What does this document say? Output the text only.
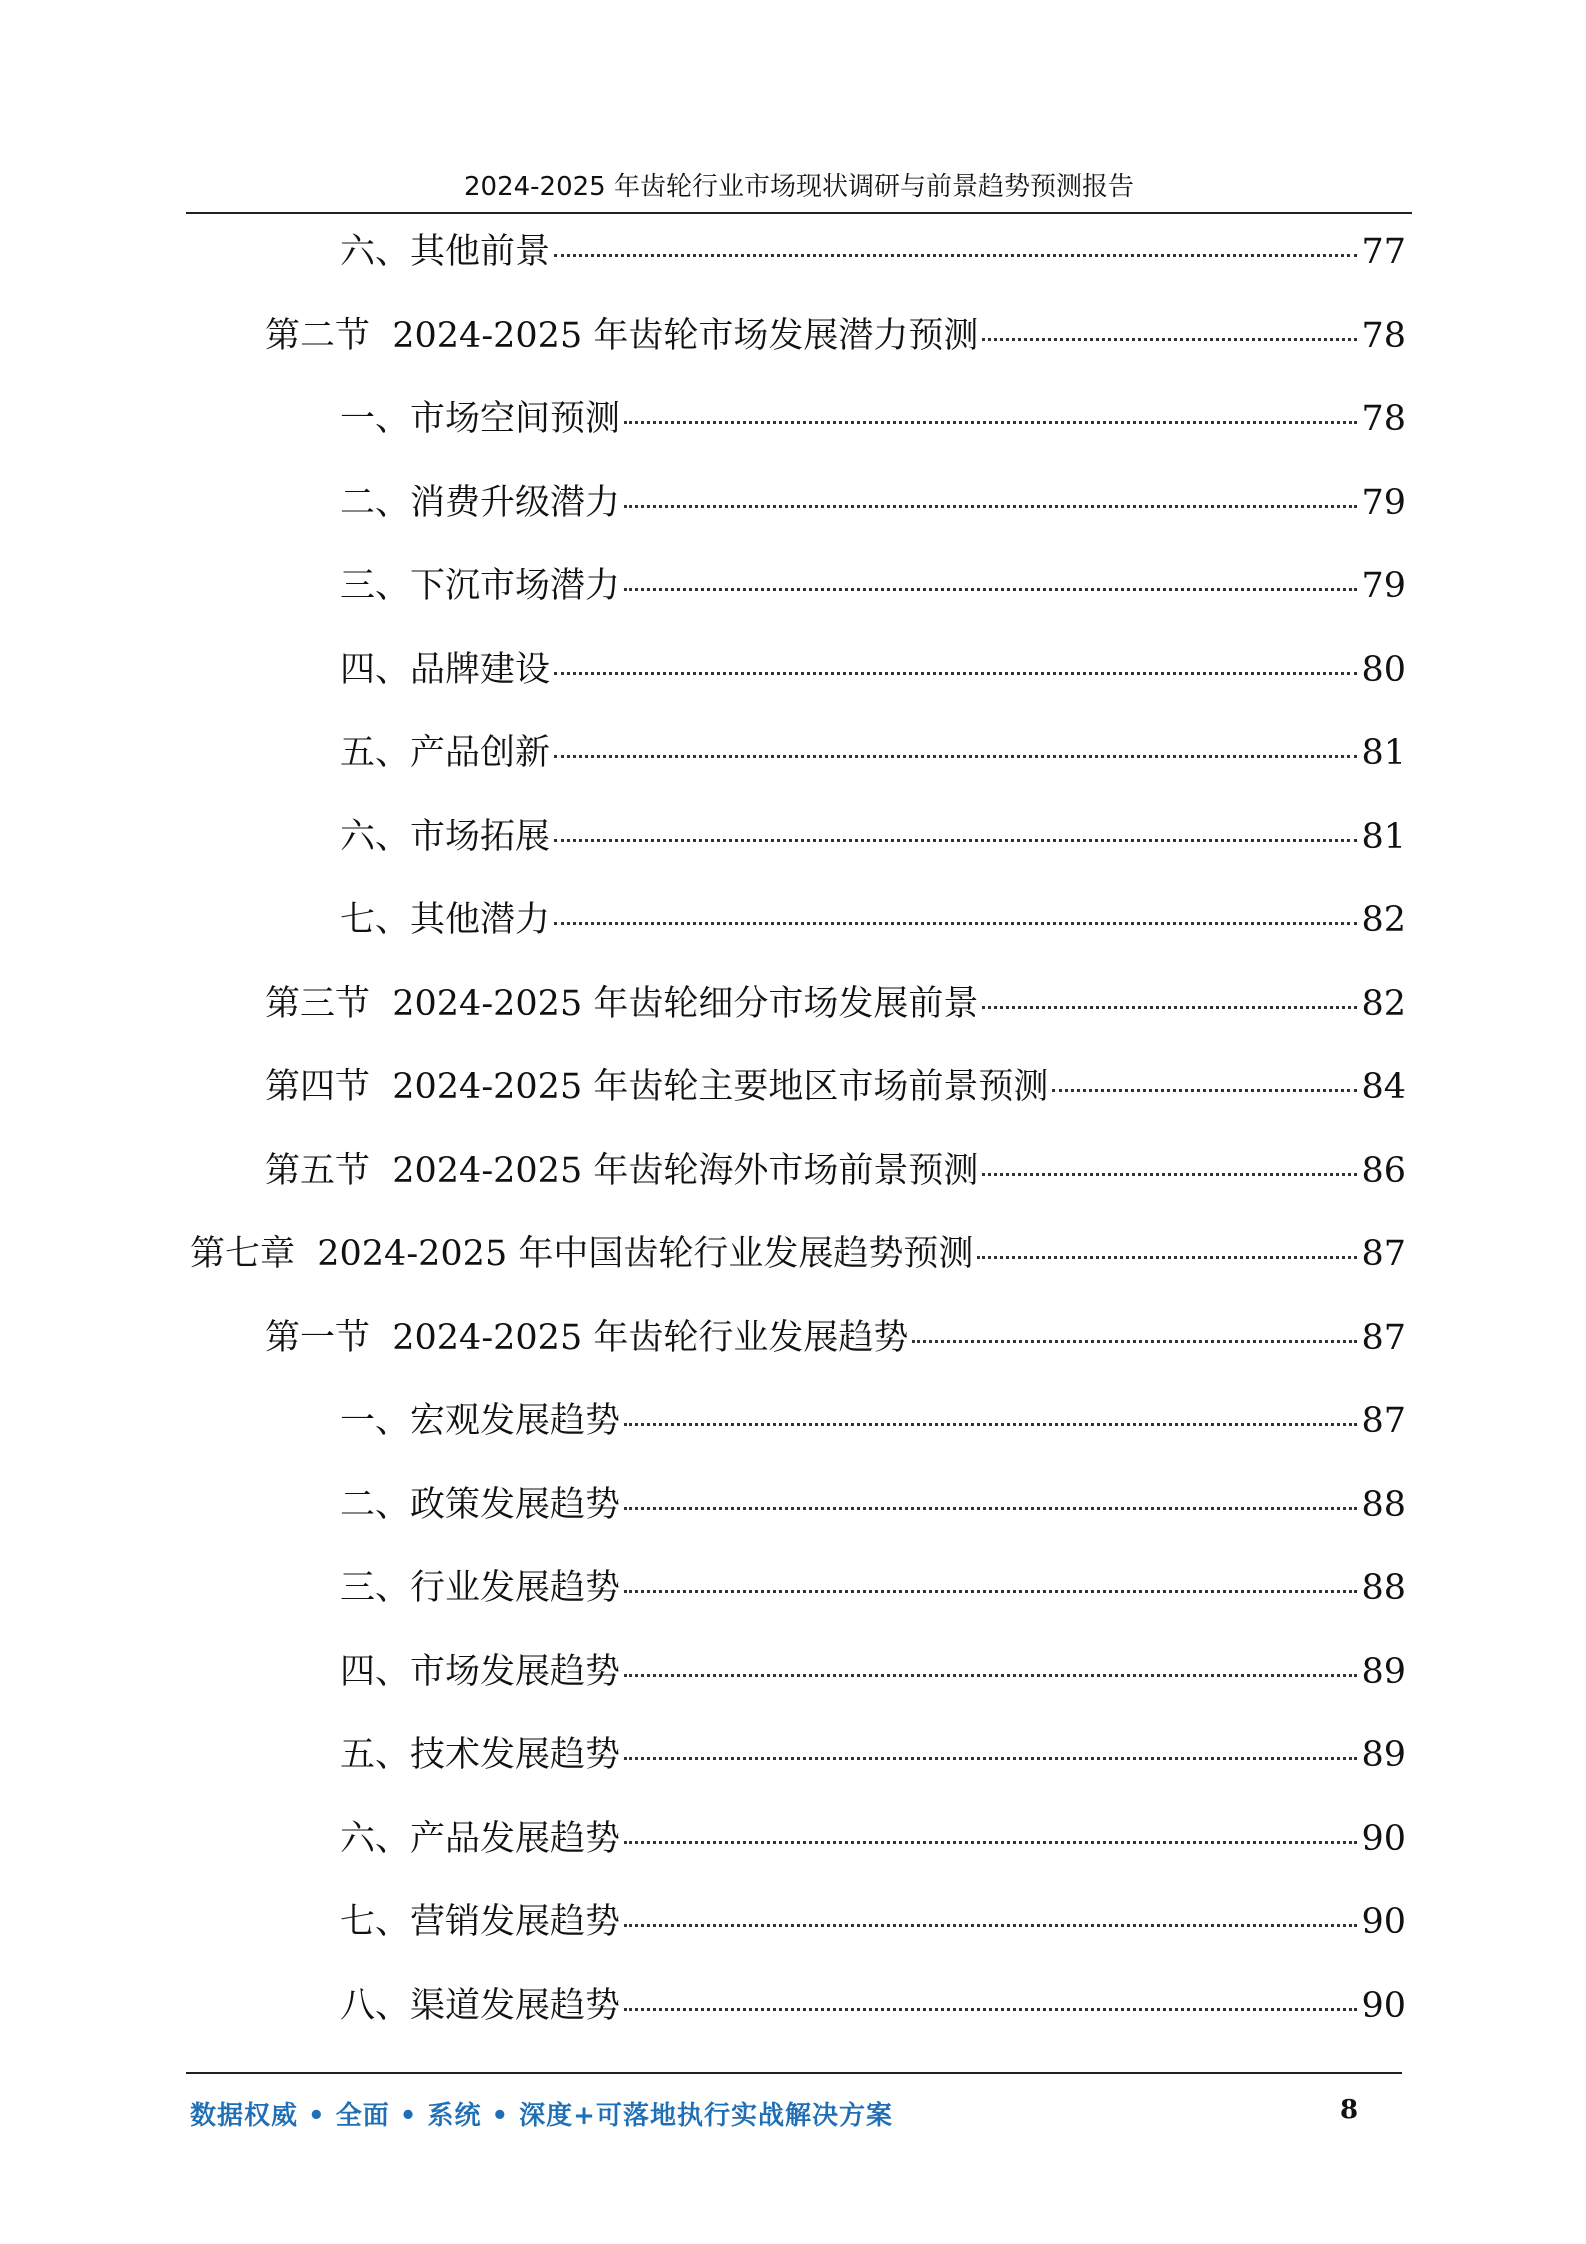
2024-2025 年齿轮行业市场现状调研与前景趋势预测报告
六、其他前景	77
第二节  2024-2025 年齿轮市场发展潜力预测	78
一、市场空间预测	78
二、消费升级潜力	79
三、下沉市场潜力	79
四、品牌建设	80
五、产品创新	81
六、市场拓展	81
七、其他潜力	82
第三节  2024-2025 年齿轮细分市场发展前景	82
第四节  2024-2025 年齿轮主要地区市场前景预测	84
第五节  2024-2025 年齿轮海外市场前景预测	86
第七章  2024-2025 年中国齿轮行业发展趋势预测	87
第一节  2024-2025 年齿轮行业发展趋势	87
一、宏观发展趋势	87
二、政策发展趋势	88
三、行业发展趋势	88
四、市场发展趋势	89
五、技术发展趋势	89
六、产品发展趋势	90
七、营销发展趋势	90
八、渠道发展趋势	90
数据权威 • 全面 • 系统 • 深度+可落地执行实战解决方案	8
